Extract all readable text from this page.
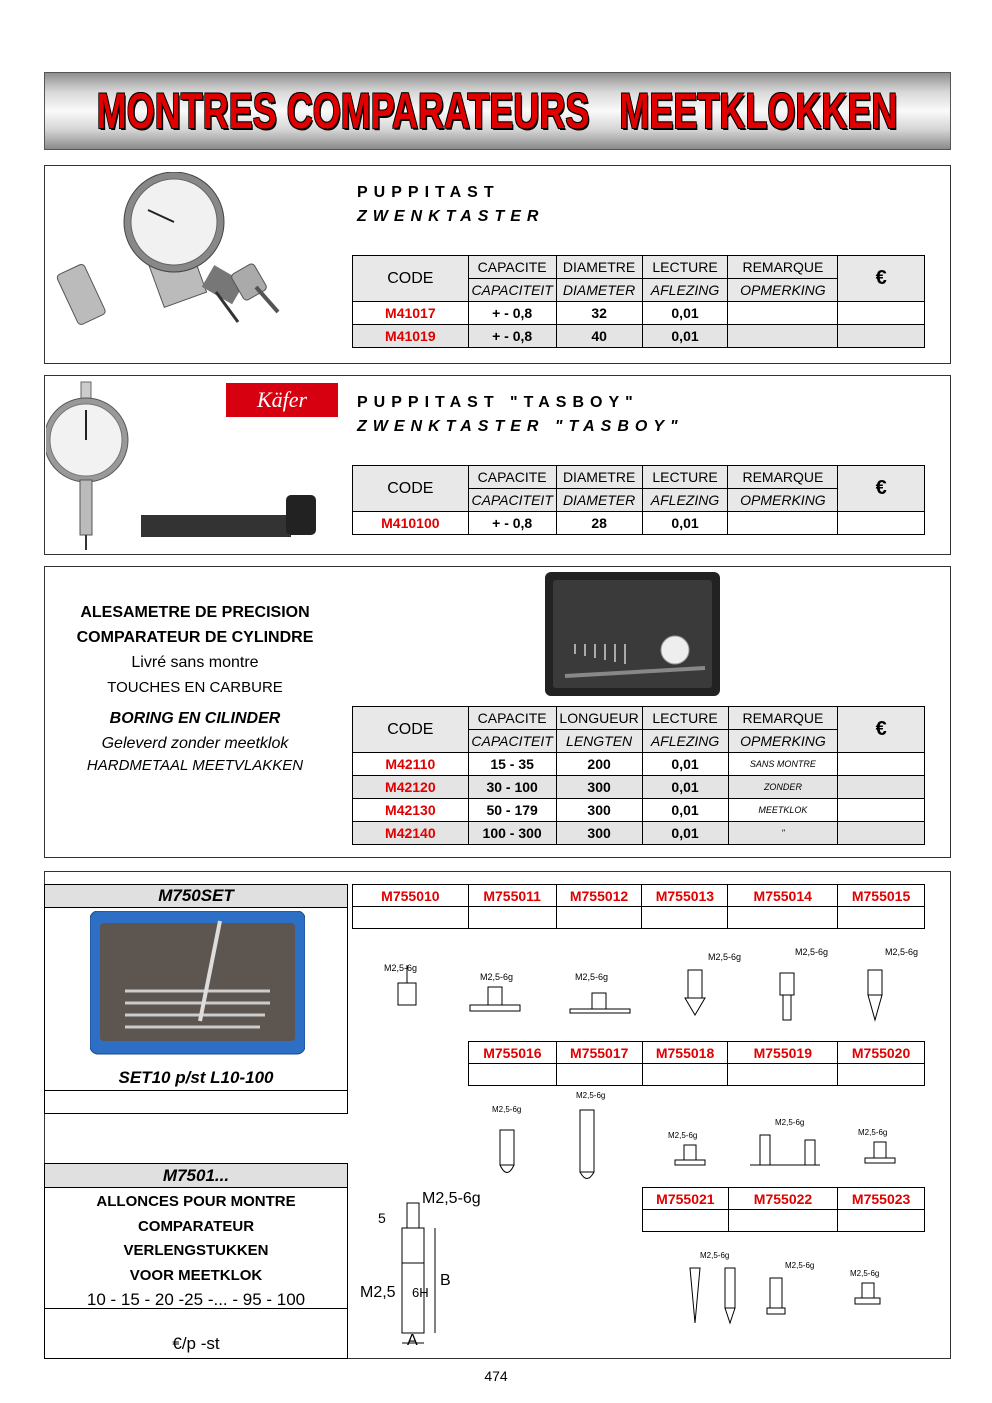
MONTRES COMPARATEURS   MEETKLOKKEN
PUPPITAST
ZWENKTASTER
CODE	CAPACITE	DIAMETRE	LECTURE	REMARQUE	€
	CAPACITEIT	DIAMETER	AFLEZING	OPMERKING	
M41017	+ - 0,8	32	0,01		
M41019	+ - 0,8	40	0,01		
Käfer	PUPPITAST "TASBOY"
ZWENKTASTER "TASBOY"
CODE	CAPACITE	DIAMETRE	LECTURE	REMARQUE	€
	CAPACITEIT	DIAMETER	AFLEZING	OPMERKING	
M410100	+ - 0,8	28	0,01		
ALESAMETRE DE PRECISION
COMPARATEUR DE CYLINDRE
Livré sans montre
TOUCHES EN CARBURE
BORING EN CILINDER
Geleverd zonder meetklok
HARDMETAAL MEETVLAKKEN
CODE	CAPACITE	LONGUEUR	LECTURE	REMARQUE	€
	CAPACITEIT	LENGTEN	AFLEZING	OPMERKING	
M42110	15 - 35	200	0,01	SANS MONTRE	
M42120	30 - 100	300	0,01	ZONDER	
M42130	50 - 179	300	0,01	MEETKLOK	
M42140	100 - 300	300	0,01	"	
M750SET
SET10 p/st L10-100
M7501...
ALLONCES POUR MONTRE
COMPARATEUR
VERLENGSTUKKEN
VOOR MEETKLOK
10 - 15 - 20 -25 -... - 95 - 100
€/p -st
M755010	M755011	M755012	M755013	M755014	M755015

M755016	M755017	M755018	M755019	M755020

M755021	M755022	M755023

M2,5-6g
M2,5-6g	M2,5-6g
M2,5-6g	M2,5-6g	M2,5-6g
M2,5-6g
M2,5-6g
M2,5-6g
M2,5-6g
M2,5-6g
M2,5-6g
B
A
M2,5 6H
5
M2,5-6g
M2,5-6g
M2,5-6g
474
